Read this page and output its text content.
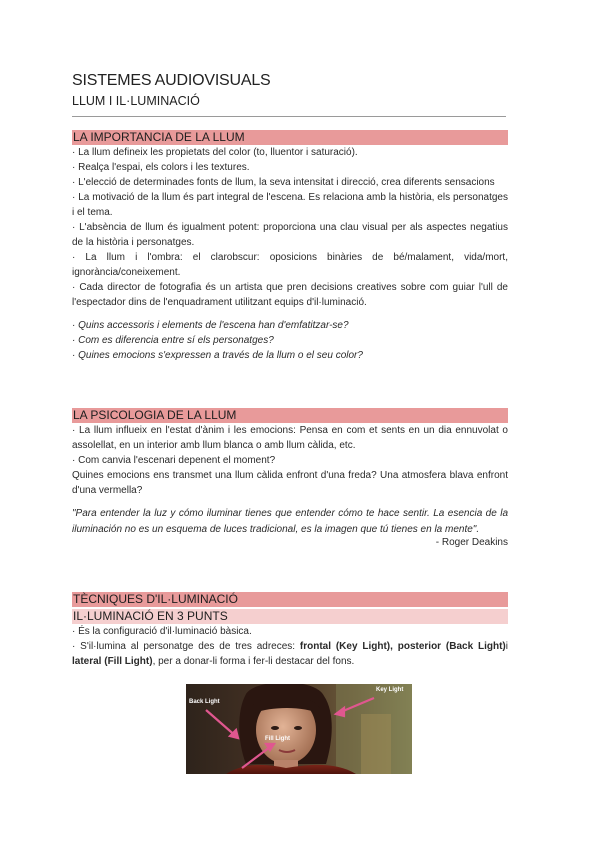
SISTEMES AUDIOVISUALS
LLUM I IL·LUMINACIÓ
LA IMPORTANCIA DE LA LLUM

· La llum defineix les propietats del color (to, lluentor i saturació).

· Realça l'espai, els colors i les textures.

· L'elecció de determinades fonts de llum, la seva intensitat i direcció, crea diferents sensacions

· La motivació de la llum és part integral de l'escena. Es relaciona amb la història, els personatges i el tema.

· L'absència de llum és igualment potent: proporciona una clau visual per als aspectes negatius de la història i personatges.

· La llum i l'ombra: el clarobscur: oposicions binàries de bé/malament, vida/mort, ignorància/coneixement.

· Cada director de fotografia és un artista que pren decisions creatives sobre com guiar l'ull de l'espectador dins de l'enquadrament utilitzant equips d'il·luminació.

· Quins accessoris i elements de l'escena han d'emfatitzar-se?

· Com es diferencia entre sí els personatges?

· Quines emocions s'expressen a través de la llum o el seu color?

LA PSICOLOGIA DE LA LLUM

· La llum influeix en l'estat d'ànim i les emocions: Pensa en com et sents en un dia ennuvolat o assolellat, en un interior amb llum blanca o amb llum càlida, etc.

· Com canvia l'escenari depenent el moment?

Quines emocions ens transmet una llum càlida enfront d'una freda? Una atmosfera blava enfront d'una vermella?

"Para entender la luz y cómo iluminar tienes que entender cómo te hace sentir. La esencia de la iluminación no es un esquema de luces tradicional, es la imagen que tú tienes en la mente".
- Roger Deakins
TÈCNIQUES D'IL·LUMINACIÓ
IL·LUMINACIÓ EN 3 PUNTS

· És la configuració d'il·luminació bàsica.

· S'il·lumina al personatge des de tres adreces: frontal (Key Light), posterior (Back Light)i lateral (Fill Light), per a donar-li forma i fer-li destacar del fons.

Back Light
Key Light
Fill Light
